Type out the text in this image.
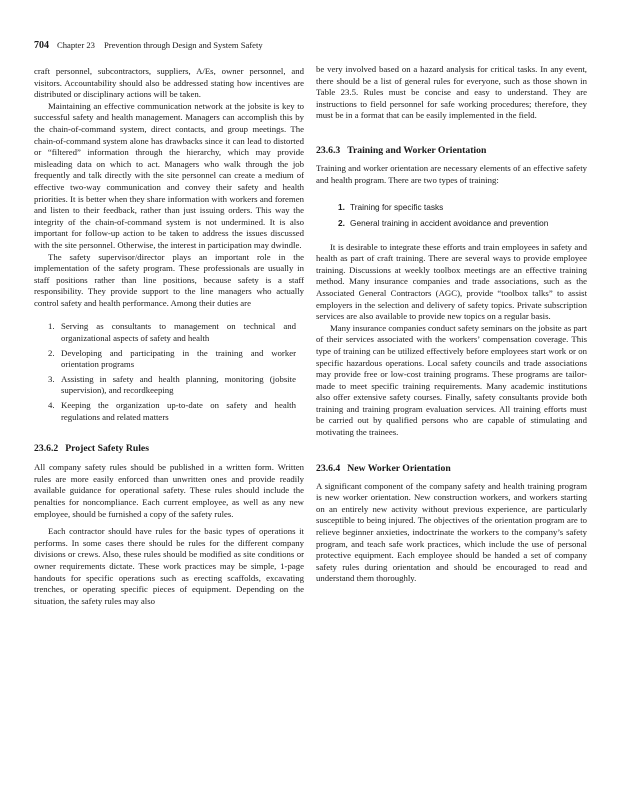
704 Chapter 23 Prevention through Design and System Safety

craft personnel, subcontractors, suppliers, A/Es, owner personnel, and visitors. Accountability should also be addressed stating how incentives are distributed or disciplinary actions will be taken.

Maintaining an effective communication network at the jobsite is key to successful safety and health management. Managers can accomplish this by the chain-of-command system, direct contacts, and group meetings. The chain-of-command system alone has drawbacks since it can lead to distorted or “filtered” information through the hierarchy, which may provide misleading data on which to act. Managers who walk through the job frequently and talk directly with the site personnel can create a medium of effective two-way communication and convey their safety and health priorities. It is better when they share information with workers and foremen and listen to their feedback, rather than just issuing orders. This way the integrity of the chain-of-command system is not undermined. It is also important for follow-up action to be taken to address the issues discussed with the site personnel. Otherwise, the interest in participation may dwindle.

The safety supervisor/director plays an important role in the implementation of the safety program. These professionals are usually in staff positions rather than line positions, because safety is a staff responsibility. They provide support to the line managers who actually control safety and health performance. Among their duties are

1. Serving as consultants to management on technical and organizational aspects of safety and health
2. Developing and participating in the training and worker orientation programs
3. Assisting in safety and health planning, monitoring (jobsite supervision), and recordkeeping
4. Keeping the organization up-to-date on safety and health regulations and related matters
23.6.2 Project Safety Rules

All company safety rules should be published in a written form. Written rules are more easily enforced than unwritten ones and provide readily available guidance for operational safety. These rules should include the penalties for noncompliance. Each current employee, as well as any new employee, should be furnished a copy of the safety rules.

Each contractor should have rules for the basic types of operations it performs. In some cases there should be rules for the different company divisions or crews. Also, these rules should be modified as site conditions or owner requirements dictate. These work practices may be simple, 1-page handouts for specific operations such as erecting scaffolds, excavating trenches, or operating specific pieces of equipment. Depending on the situation, the safety rules may also

be very involved based on a hazard analysis for critical tasks. In any event, there should be a list of general rules for everyone, such as those shown in Table 23.5. Rules must be concise and easy to understand. They are instructions to field personnel for safe working procedures; therefore, they must be in a format that can be easily implemented in the field.

23.6.3 Training and Worker Orientation

Training and worker orientation are necessary elements of an effective safety and health program. There are two types of training:

1. Training for specific tasks
2. General training in accident avoidance and prevention

It is desirable to integrate these efforts and train employees in safety and health as part of craft training. There are several ways to provide employee training. Discussions at weekly toolbox meetings are an effective training method. Many insurance companies and trade associations, such as the Associated General Contractors (AGC), provide “toolbox talks” to assist employers in the selection and delivery of safety topics. Private subscription services are also available to provide new topics on a regular basis.

Many insurance companies conduct safety seminars on the jobsite as part of their services associated with the workers’ compensation coverage. This type of training can be utilized effectively before employees start work or on specific hazardous operations. Local safety councils and trade associations may provide free or low-cost training programs. These programs are tailor-made to meet specific training requirements. Many academic institutions also offer extensive safety courses. Finally, safety consultants provide both training and training program evaluation services. All training efforts must be carried out by qualified persons who are capable of stimulating and motivating the trainees.

23.6.4 New Worker Orientation

A significant component of the company safety and health training program is new worker orientation. New construction workers, and workers starting on an entirely new activity without previous experience, are particularly susceptible to being injured. The objectives of the orientation program are to relieve beginner anxieties, indoctrinate the workers to the company’s safety program, and teach safe work practices, which include the use of personal protective equipment. Each employee should be handed a set of company safety rules during orientation and should be encouraged to read and understand them thoroughly.
